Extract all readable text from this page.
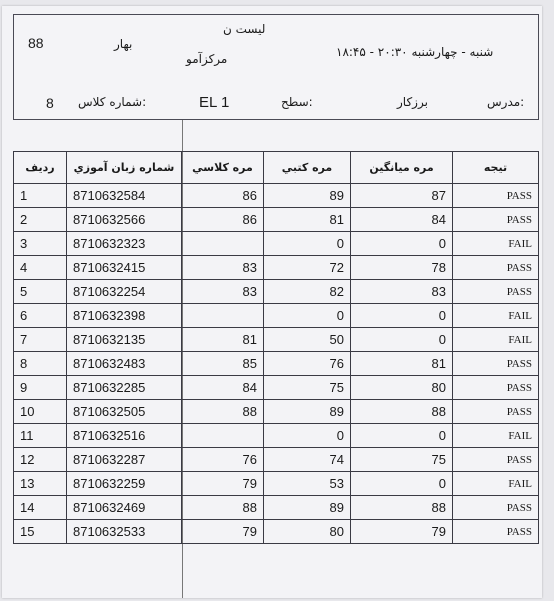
لیست ن
بهار
88
مرکزآمو	شنبه - چهارشنبه ۲۰:۳۰ - ۱۸:۴۵
8 شماره کلاس:	EL 1	سطح:	برزکار	مدرس:
ردیف	شماره زبان آموزي	مره كلاسي	مره كتبي	مره ميانگين	تيجه
1	8710632584	86	89	87	PASS
2	8710632566	86	81	84	PASS
3	8710632323		0	0	FAIL
4	8710632415	83	72	78	PASS
5	8710632254	83	82	83	PASS
6	8710632398		0	0	FAIL
7	8710632135	81	50	0	FAIL
8	8710632483	85	76	81	PASS
9	8710632285	84	75	80	PASS
10	8710632505	88	89	88	PASS
11	8710632516		0	0	FAIL
12	8710632287	76	74	75	PASS
13	8710632259	79	53	0	FAIL
14	8710632469	88	89	88	PASS
15	8710632533	79	80	79	PASS
